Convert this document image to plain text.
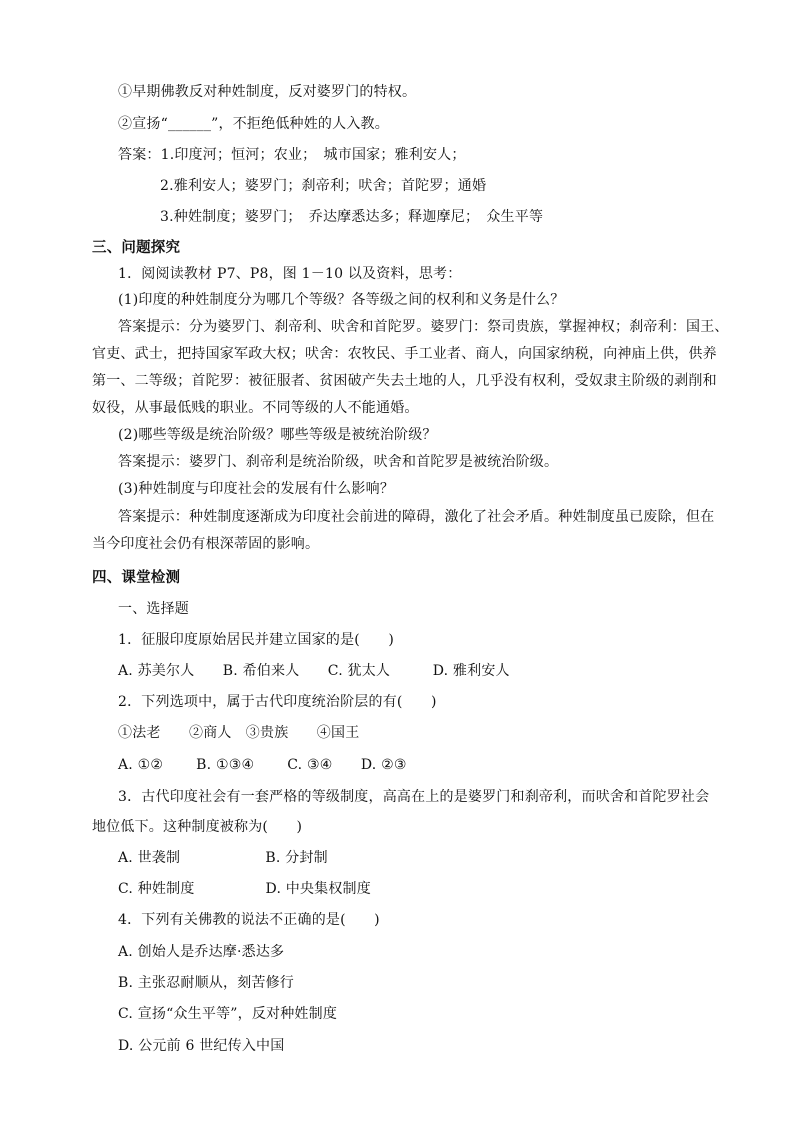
①早期佛教反对种姓制度，反对婆罗门的特权。
②宣扬“______”，不拒绝低种姓的人入教。
答案：1.印度河；恒河；农业；　城市国家；雅利安人；
2.雅利安人；婆罗门；刹帝利；吠舍；首陀罗；通婚
3.种姓制度；婆罗门；　乔达摩悉达多；释迦摩尼；　众生平等
三、问题探究
1．阅阅读教材 P7、P8，图 1－10 以及资料，思考：
(1)印度的种姓制度分为哪几个等级？各等级之间的权利和义务是什么？
答案提示：分为婆罗门、刹帝利、吠舍和首陀罗。婆罗门：祭司贵族，掌握神权；刹帝利：国王、
官吏、武士，把持国家军政大权；吠舍：农牧民、手工业者、商人，向国家纳税，向神庙上供，供养
第一、二等级；首陀罗：被征服者、贫困破产失去土地的人，几乎没有权利，受奴隶主阶级的剥削和
奴役，从事最低贱的职业。不同等级的人不能通婚。
(2)哪些等级是统治阶级？哪些等级是被统治阶级？
答案提示：婆罗门、刹帝利是统治阶级，吠舍和首陀罗是被统治阶级。
(3)种姓制度与印度社会的发展有什么影响？
答案提示：种姓制度逐渐成为印度社会前进的障碍，激化了社会矛盾。种姓制度虽已废除，但在
当今印度社会仍有根深蒂固的影响。
四、课堂检测
一、选择题
1．征服印度原始居民并建立国家的是(　　)
A. 苏美尔人　　B. 希伯来人　　C. 犹太人　　　D. 雅利安人
2．下列选项中，属于古代印度统治阶层的有(　　)
①法老　　②商人　③贵族　　④国王
A. ①②　　 B. ①③④　　 C. ③④　　D. ②③
3．古代印度社会有一套严格的等级制度，高高在上的是婆罗门和刹帝利，而吠舍和首陀罗社会
地位低下。这种制度被称为(　　)
A. 世袭制　　　　　　B. 分封制
C. 种姓制度　　　　　D. 中央集权制度
4．下列有关佛教的说法不正确的是(　　)
A. 创始人是乔达摩·悉达多
B. 主张忍耐顺从，刻苦修行
C. 宣扬“众生平等”，反对种姓制度
D. 公元前 6 世纪传入中国
